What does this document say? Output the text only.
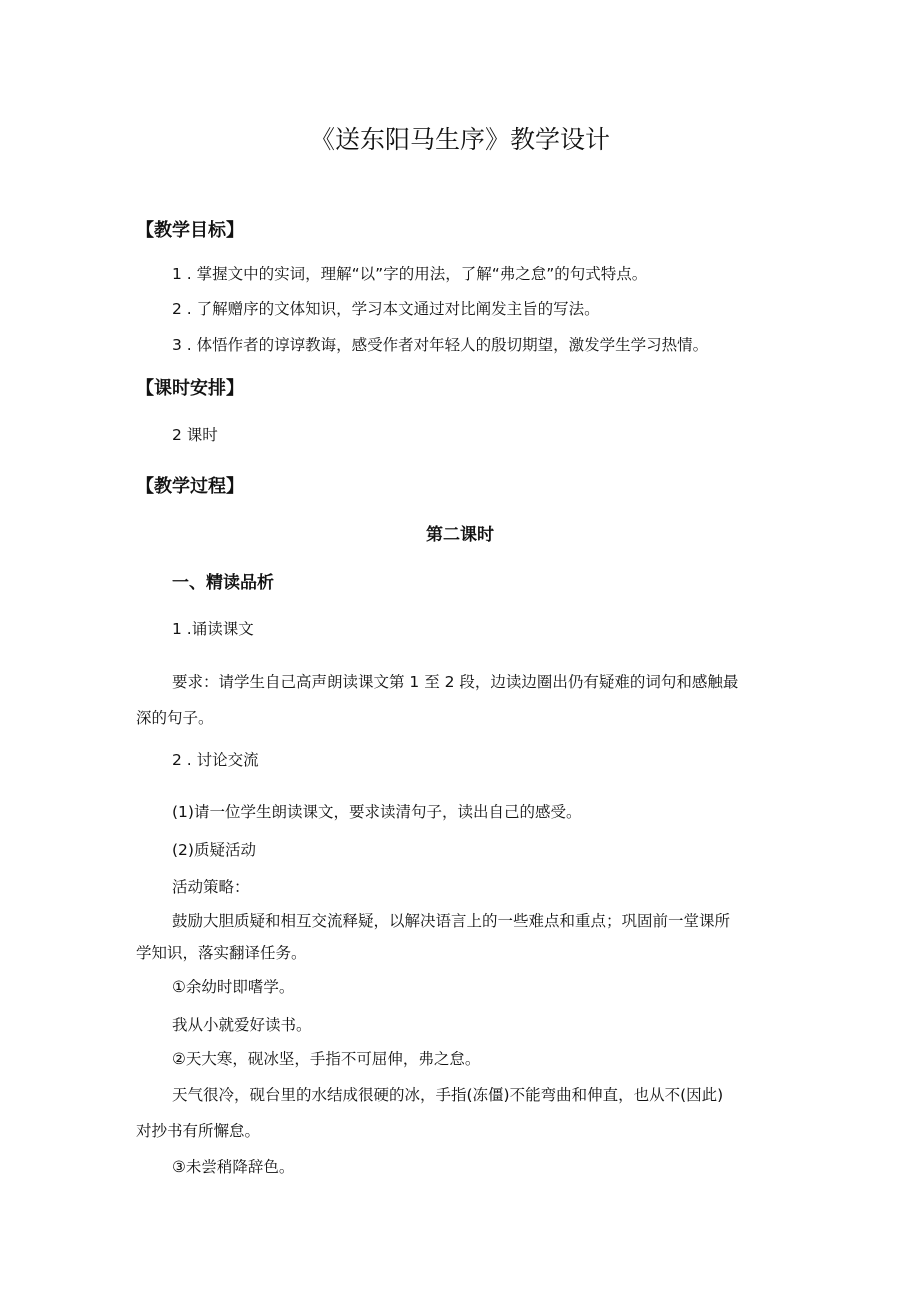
《送东阳马生序》教学设计
【教学目标】
1 . 掌握文中的实词，理解“以”字的用法，了解“弗之怠”的句式特点。
2 . 了解赠序的文体知识，学习本文通过对比阐发主旨的写法。
3 . 体悟作者的谆谆教诲，感受作者对年轻人的殷切期望，激发学生学习热情。
【课时安排】
2 课时
【教学过程】
第二课时
一、精读品析
1 .诵读课文
要求：请学生自己高声朗读课文第 1 至 2 段，边读边圈出仍有疑难的词句和感触最
深的句子。
2 . 讨论交流
(1)请一位学生朗读课文，要求读清句子，读出自己的感受。
(2)质疑活动
活动策略：
鼓励大胆质疑和相互交流释疑，以解决语言上的一些难点和重点；巩固前一堂课所
学知识，落实翻译任务。
①余幼时即嗜学。
我从小就爱好读书。
②天大寒，砚冰坚，手指不可屈伸，弗之怠。
天气很冷，砚台里的水结成很硬的冰，手指(冻僵)不能弯曲和伸直，也从不(因此)
对抄书有所懈怠。
③未尝稍降辞色。
